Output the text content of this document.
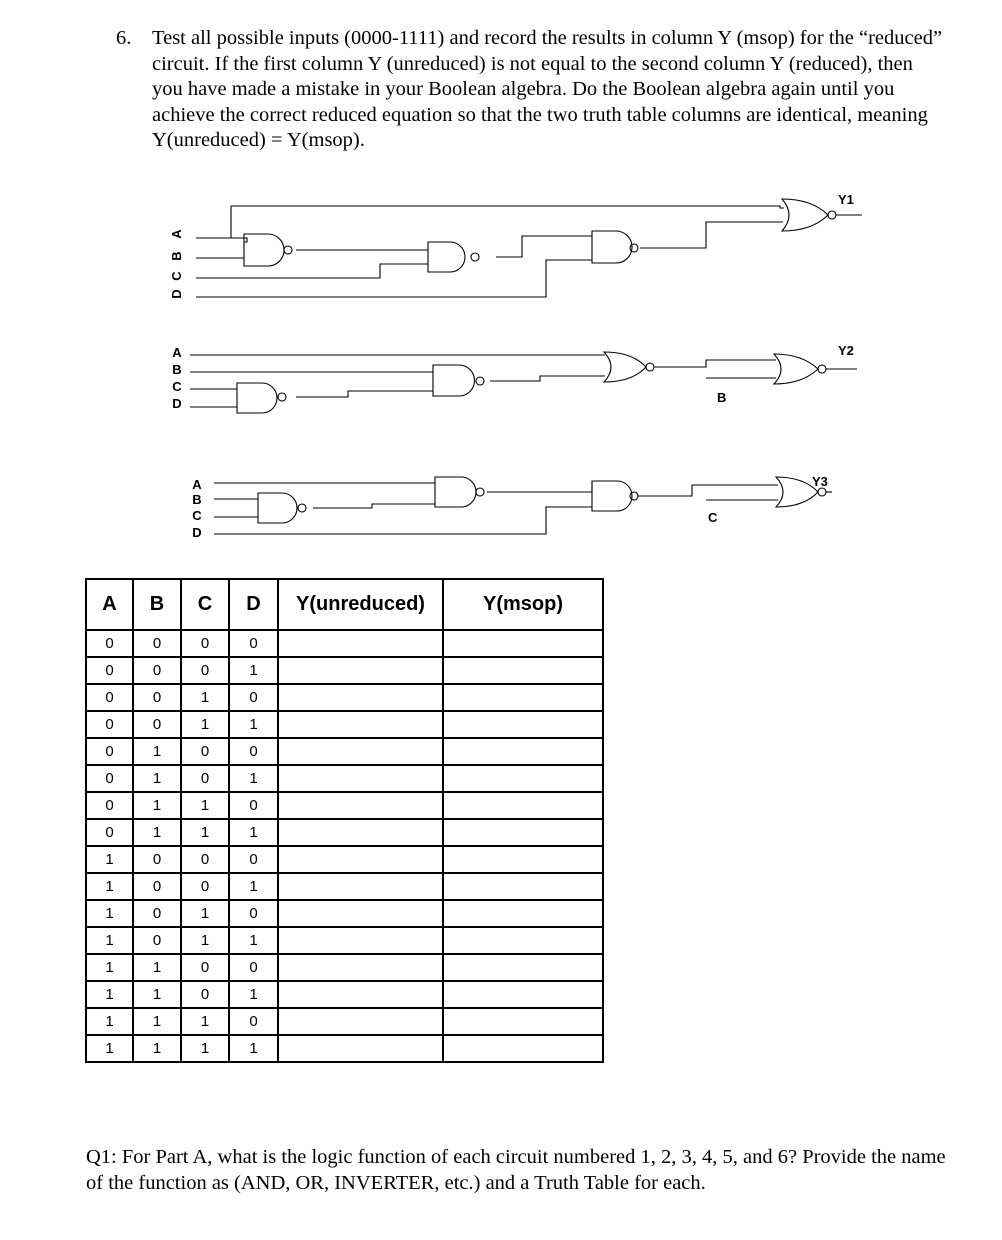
6. Test all possible inputs (0000-1111) and record the results in column Y (msop) for the “reduced” circuit. If the first column Y (unreduced) is not equal to the second column Y (reduced), then you have made a mistake in your Boolean algebra. Do the Boolean algebra again until you achieve the correct reduced equation so that the two truth table columns are identical, meaning Y(unreduced) = Y(msop).
A
B
C
D
Y1
A
B
C
D
Y2
B
A
B
C
D
Y3
C
A	B	C	D	Y(unreduced)	Y(msop)
0	0	0	0		
0	0	0	1		
0	0	1	0		
0	0	1	1		
0	1	0	0		
0	1	0	1		
0	1	1	0		
0	1	1	1		
1	0	0	0		
1	0	0	1		
1	0	1	0		
1	0	1	1		
1	1	0	0		
1	1	0	1		
1	1	1	0		
1	1	1	1		
Q1: For Part A, what is the logic function of each circuit numbered 1, 2, 3, 4, 5, and 6? Provide the name of the function as (AND, OR, INVERTER, etc.) and a Truth Table for each.
